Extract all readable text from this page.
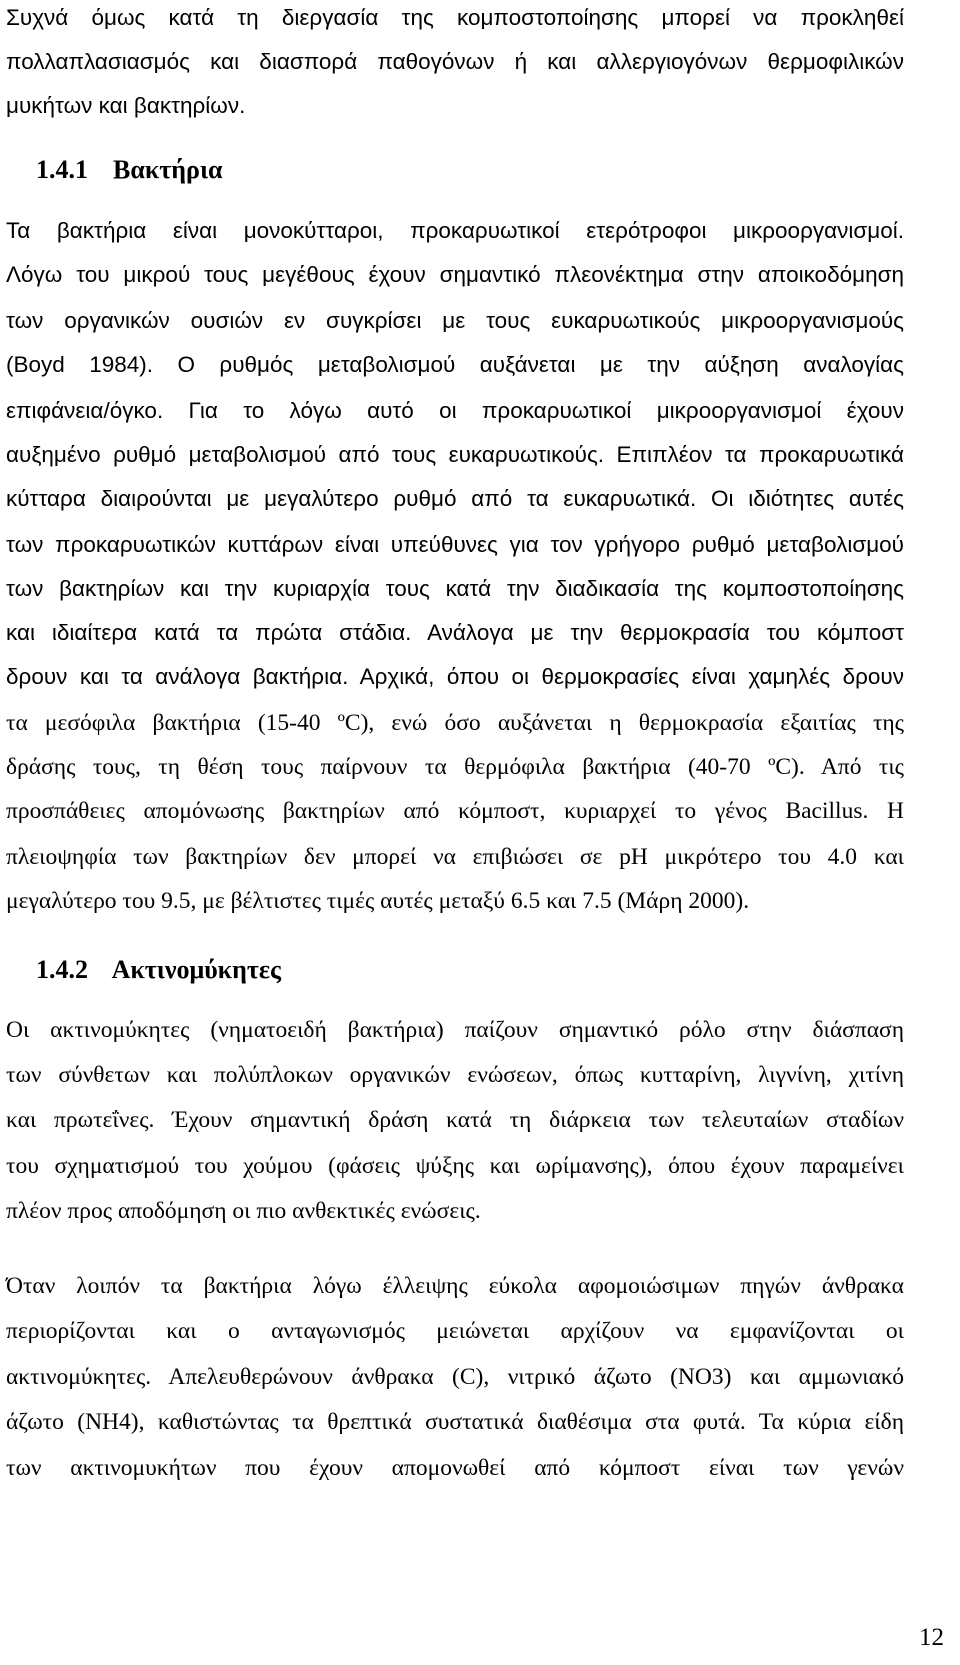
Συχνά όμως κατά τη διεργασία της κομποστοποίησης μπορεί να προκληθεί
πολλαπλασιασμός και διασπορά παθογόνων ή και αλλεργιογόνων θερμοφιλικών
μυκήτων και βακτηρίων.
1.4.1 Βακτήρια
Τα βακτήρια είναι μονοκύτταροι, προκαρυωτικοί ετερότροφοι μικροοργανισμοί.
Λόγω του μικρού τους μεγέθους έχουν σημαντικό πλεονέκτημα στην αποικοδόμηση
των οργανικών ουσιών εν συγκρίσει με τους ευκαρυωτικούς μικροοργανισμούς
(Boyd 1984). Ο ρυθμός μεταβολισμού αυξάνεται με την αύξηση αναλογίας
επιφάνεια/όγκο. Για το λόγω αυτό οι προκαρυωτικοί μικροοργανισμοί έχουν
αυξημένο ρυθμό μεταβολισμού από τους ευκαρυωτικούς. Επιπλέον τα προκαρυωτικά
κύτταρα διαιρούνται με μεγαλύτερο ρυθμό από τα ευκαρυωτικά. Οι ιδιότητες αυτές
των προκαρυωτικών κυττάρων είναι υπεύθυνες για τον γρήγορο ρυθμό μεταβολισμού
των βακτηρίων και την κυριαρχία τους κατά την διαδικασία της κομποστοποίησης
και ιδιαίτερα κατά τα πρώτα στάδια. Ανάλογα με την θερμοκρασία του κόμποστ
δρουν και τα ανάλογα βακτήρια. Αρχικά, όπου οι θερμοκρασίες είναι χαμηλές δρουν
τα μεσόφιλα βακτήρια (15-40 ºC), ενώ όσο αυξάνεται η θερμοκρασία εξαιτίας της
δράσης τους, τη θέση τους παίρνουν τα θερμόφιλα βακτήρια (40-70 ºC). Από τις
προσπάθειες απομόνωσης βακτηρίων από κόμποστ, κυριαρχεί το γένος Bacillus. Η
πλειοψηφία των βακτηρίων δεν μπορεί να επιβιώσει σε pH μικρότερο του 4.0 και
μεγαλύτερο του 9.5, με βέλτιστες τιμές αυτές μεταξύ 6.5 και 7.5 (Μάρη 2000).
1.4.2 Ακτινομύκητες
Οι ακτινομύκητες (νηματοειδή βακτήρια) παίζουν σημαντικό ρόλο στην διάσπαση
των σύνθετων και πολύπλοκων οργανικών ενώσεων, όπως κυτταρίνη, λιγνίνη, χιτίνη
και πρωτεΐνες. Έχουν σημαντική δράση κατά τη διάρκεια των τελευταίων σταδίων
του σχηματισμού του χούμου (φάσεις ψύξης και ωρίμανσης), όπου έχουν παραμείνει
πλέον προς αποδόμηση οι πιο ανθεκτικές ενώσεις.
Όταν λοιπόν τα βακτήρια λόγω έλλειψης εύκολα αφομοιώσιμων πηγών άνθρακα
περιορίζονται και ο ανταγωνισμός μειώνεται αρχίζουν να εμφανίζονται οι
ακτινομύκητες. Απελευθερώνουν άνθρακα (C), νιτρικό άζωτο (NO3) και αμμωνιακό
άζωτο (NH4), καθιστώντας τα θρεπτικά συστατικά διαθέσιμα στα φυτά. Τα κύρια είδη
των ακτινομυκήτων που έχουν απομονωθεί από κόμποστ είναι των γενών
12
